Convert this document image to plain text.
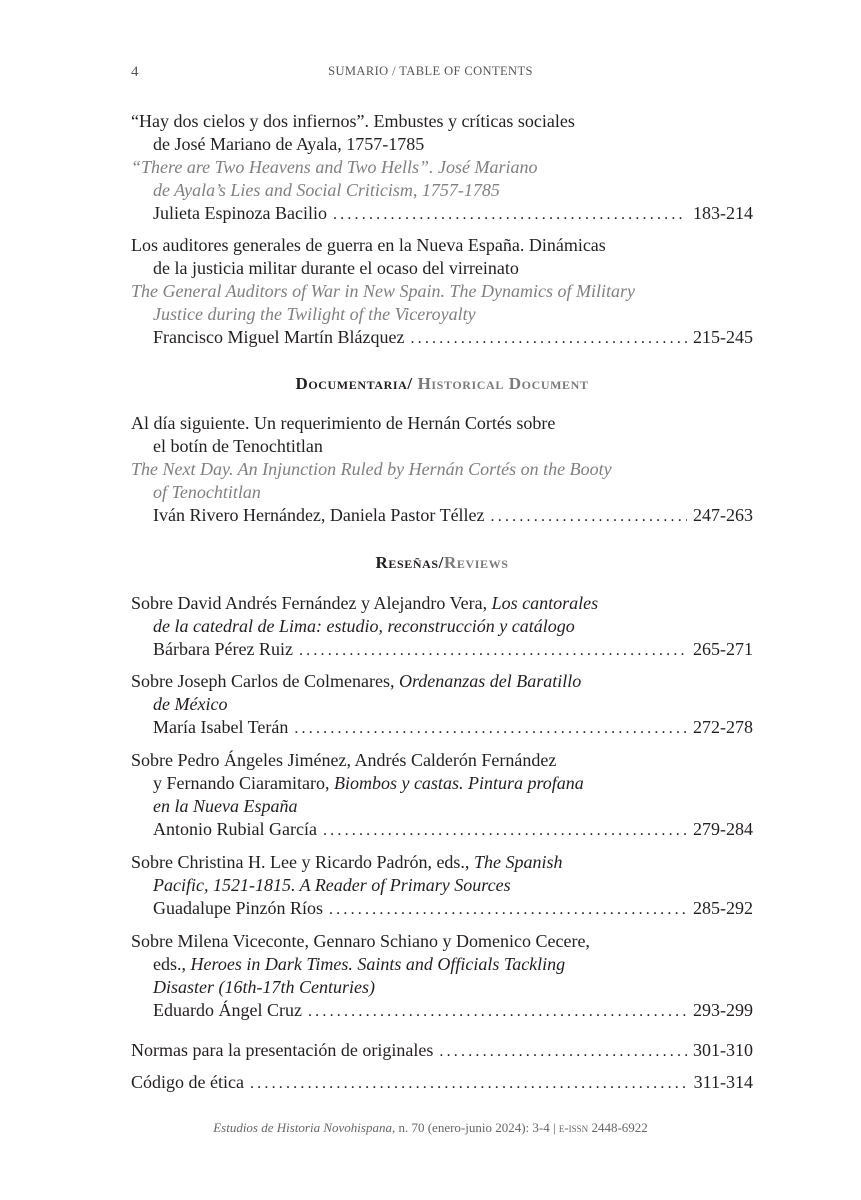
4	SUMARIO / TABLE OF CONTENTS
“Hay dos cielos y dos infiernos”. Embustes y críticas sociales
de José Mariano de Ayala, 1757-1785
“There are Two Heavens and Two Hells”. José Mariano
de Ayala’s Lies and Social Criticism, 1757-1785
Julieta Espinoza Bacilio .....	183-214
Los auditores generales de guerra en la Nueva España. Dinámicas
de la justicia militar durante el ocaso del virreinato
The General Auditors of War in New Spain. The Dynamics of Military
Justice during the Twilight of the Viceroyalty
Francisco Miguel Martín Blázquez .....	215-245
Documentaria/ Historical Document
Al día siguiente. Un requerimiento de Hernán Cortés sobre
el botín de Tenochtitlan
The Next Day. An Injunction Ruled by Hernán Cortés on the Booty
of Tenochtitlan
Iván Rivero Hernández, Daniela Pastor Téllez .....	247-263
Reseñas/Reviews
Sobre David Andrés Fernández y Alejandro Vera, Los cantorales
de la catedral de Lima: estudio, reconstrucción y catálogo
Bárbara Pérez Ruiz .....	265-271
Sobre Joseph Carlos de Colmenares, Ordenanzas del Baratillo
de México
María Isabel Terán .....	272-278
Sobre Pedro Ángeles Jiménez, Andrés Calderón Fernández
y Fernando Ciaramitaro, Biombos y castas. Pintura profana
en la Nueva España
Antonio Rubial García .....	279-284
Sobre Christina H. Lee y Ricardo Padrón, eds., The Spanish
Pacific, 1521-1815. A Reader of Primary Sources
Guadalupe Pinzón Ríos .....	285-292
Sobre Milena Viceconte, Gennaro Schiano y Domenico Cecere,
eds., Heroes in Dark Times. Saints and Officials Tackling
Disaster (16th-17th Centuries)
Eduardo Ángel Cruz .....	293-299
Normas para la presentación de originales .....	301-310
Código de ética .....	311-314
Estudios de Historia Novohispana, n. 70 (enero-junio 2024): 3-4 | e-issn 2448-6922
